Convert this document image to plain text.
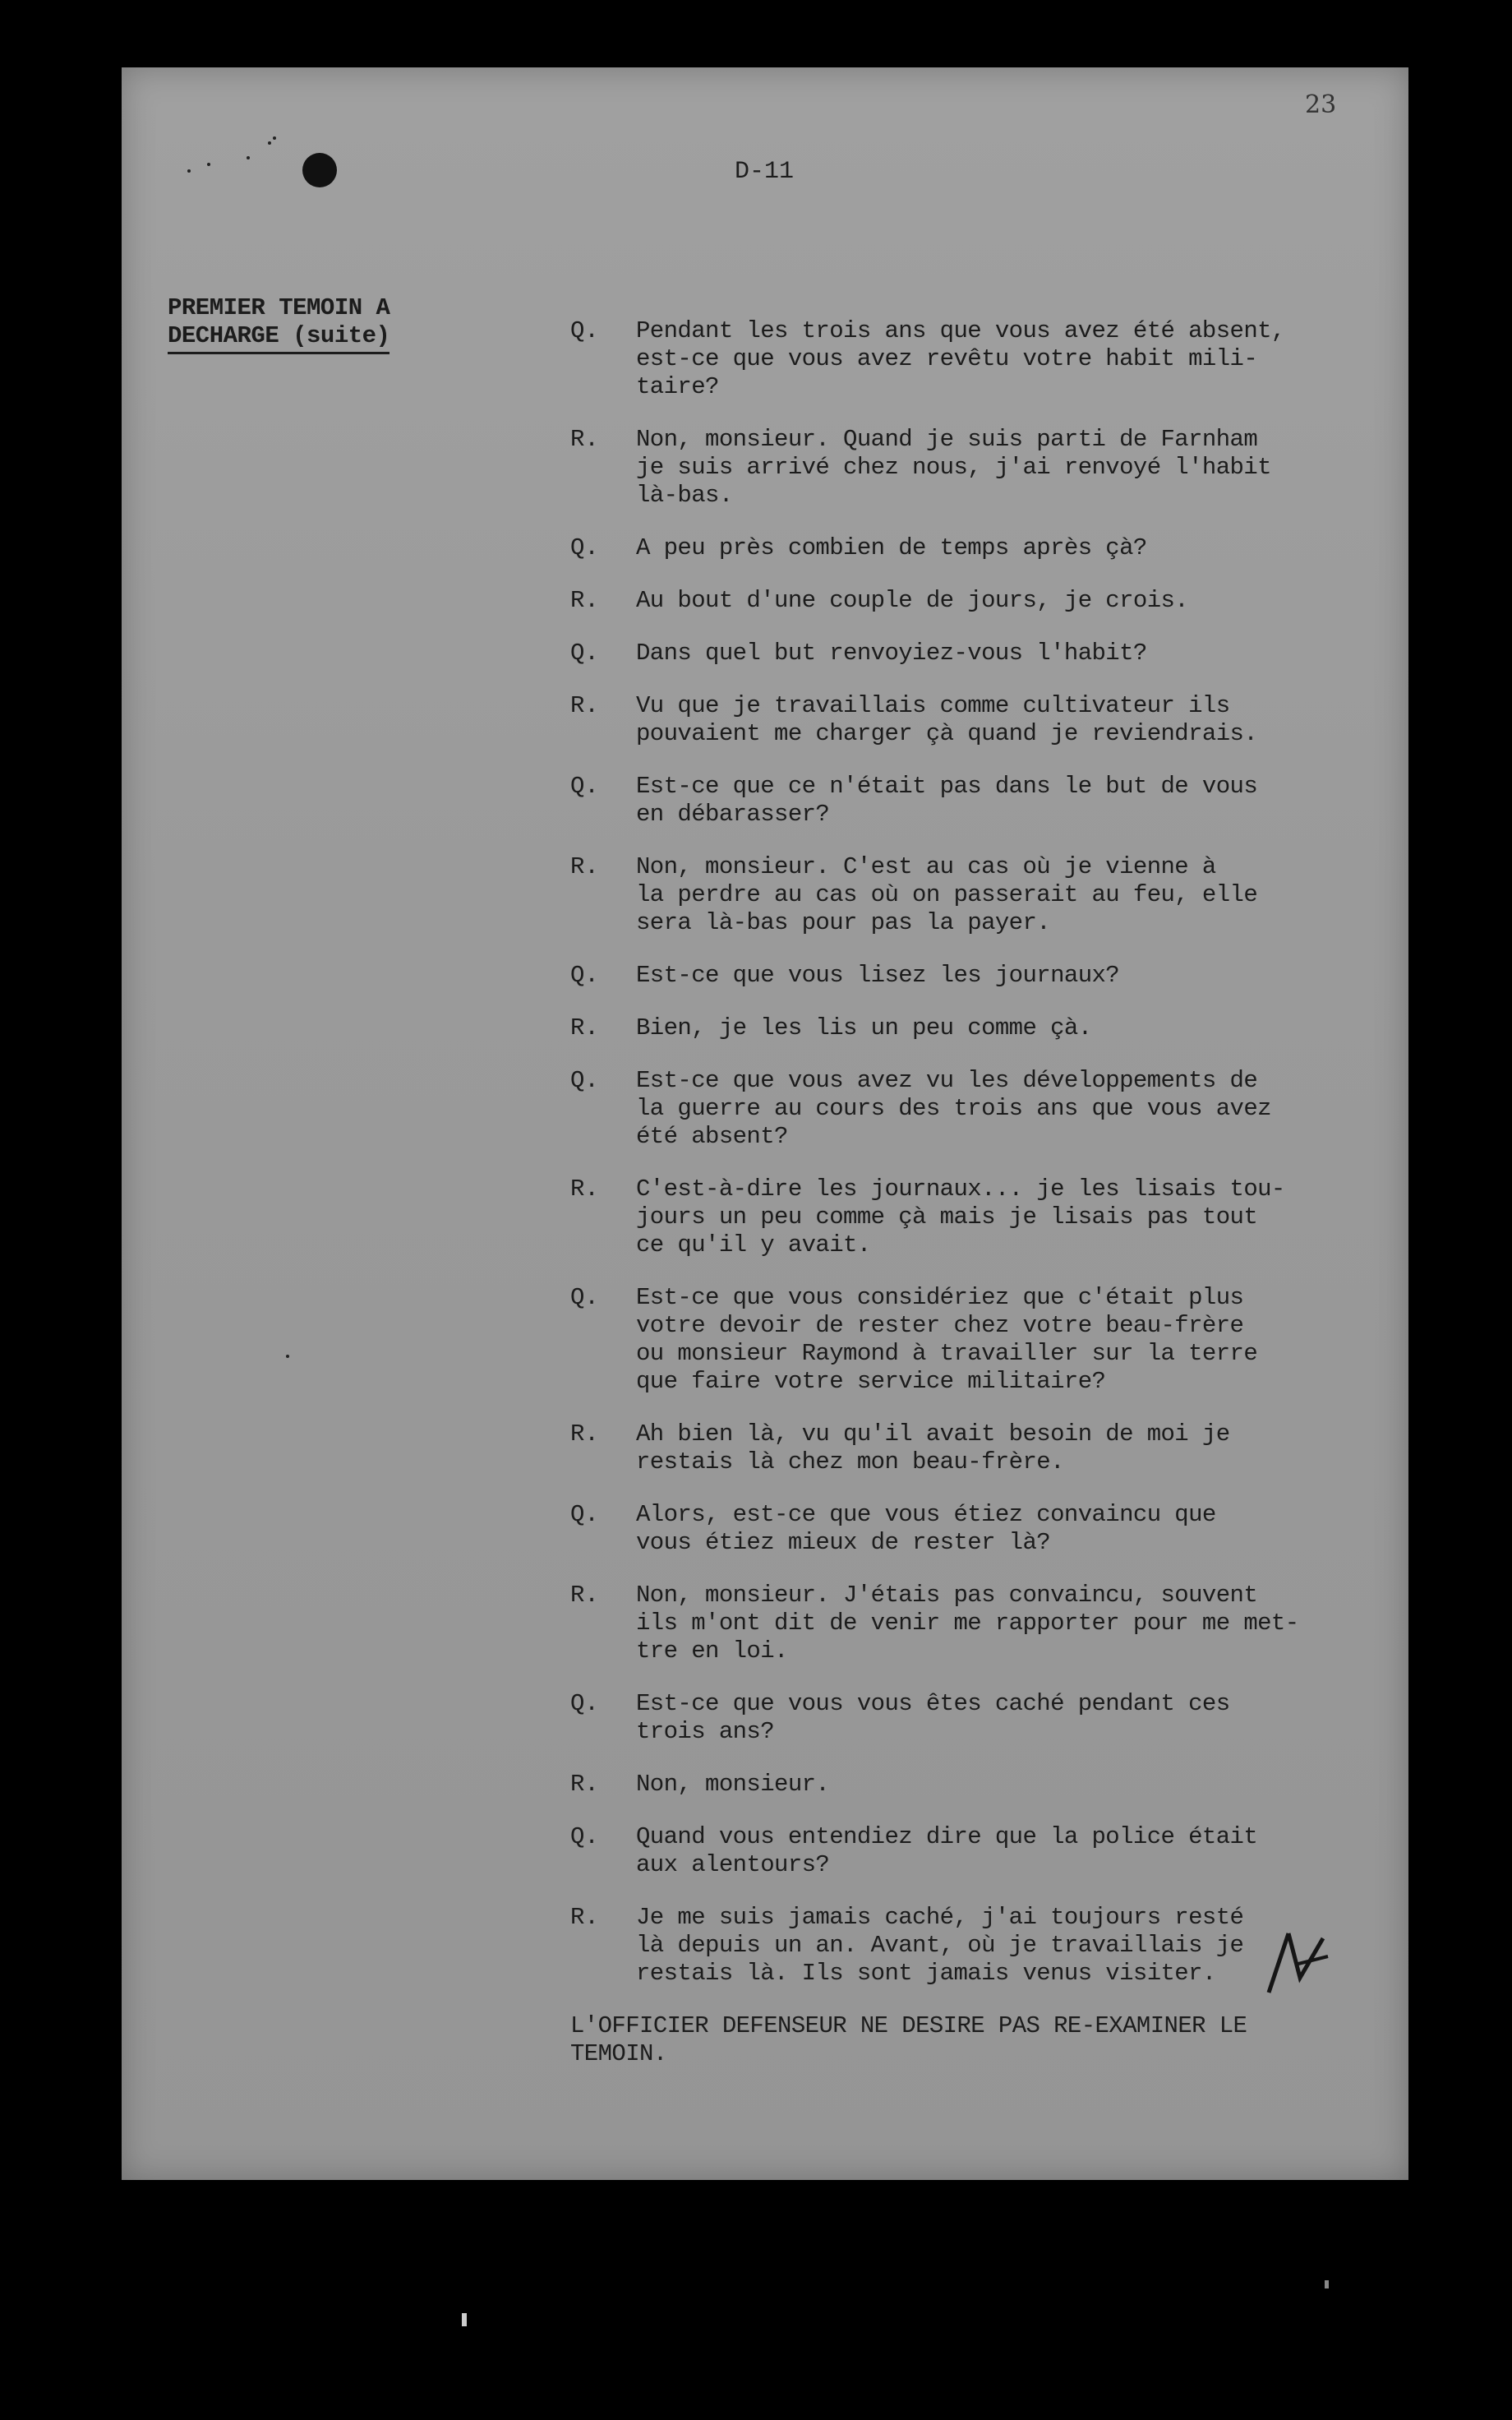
23
D-11
PREMIER TEMOIN A
DECHARGE (suite)	Q.	Pendant les trois ans que vous avez été absent,
est-ce que vous avez revêtu votre habit mili-
taire?
R.	Non, monsieur. Quand je suis parti de Farnham
je suis arrivé chez nous, j'ai renvoyé l'habit
là-bas.
Q.	A peu près combien de temps après çà?
R.	Au bout d'une couple de jours, je crois.
Q.	Dans quel but renvoyiez-vous l'habit?
R.	Vu que je travaillais comme cultivateur ils
pouvaient me charger çà quand je reviendrais.
Q.	Est-ce que ce n'était pas dans le but de vous
en débarasser?
R.	Non, monsieur. C'est au cas où je vienne à
la perdre au cas où on passerait au feu, elle
sera là-bas pour pas la payer.
Q.	Est-ce que vous lisez les journaux?
R.	Bien, je les lis un peu comme çà.
Q.	Est-ce que vous avez vu les développements de
la guerre au cours des trois ans que vous avez
été absent?
R.	C'est-à-dire les journaux... je les lisais tou-
jours un peu comme çà mais je lisais pas tout
ce qu'il y avait.
Q.	Est-ce que vous considériez que c'était plus
votre devoir de rester chez votre beau-frère
ou monsieur Raymond à travailler sur la terre
que faire votre service militaire?
R.	Ah bien là, vu qu'il avait besoin de moi je
restais là chez mon beau-frère.
Q.	Alors, est-ce que vous étiez convaincu que
vous étiez mieux de rester là?
R.	Non, monsieur. J'étais pas convaincu, souvent
ils m'ont dit de venir me rapporter pour me met-
tre en loi.
Q.	Est-ce que vous vous êtes caché pendant ces
trois ans?
R.	Non, monsieur.
Q.	Quand vous entendiez dire que la police était
aux alentours?
R.	Je me suis jamais caché, j'ai toujours resté
là depuis un an. Avant, où je travaillais je
restais là. Ils sont jamais venus visiter.
L'OFFICIER DEFENSEUR NE DESIRE PAS RE-EXAMINER LE
TEMOIN.
